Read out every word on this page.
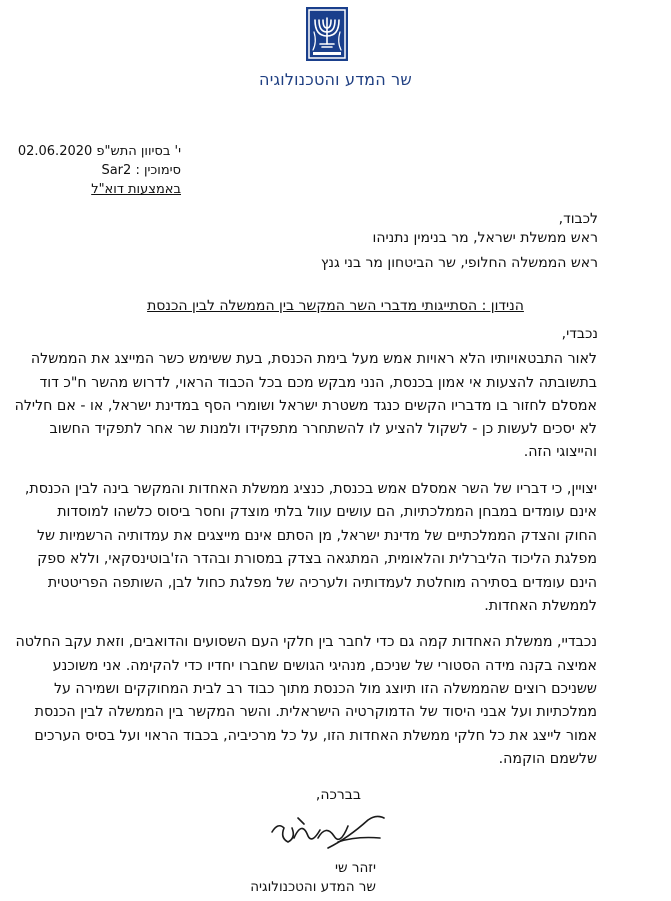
שר המדע והטכנולוגיה
י' בסיוון התש"פ 02.06.2020
סימוכין : Sar2
באמצעות דוא"ל
לכבוד,
ראש ממשלת ישראל, מר בנימין נתניהו
ראש הממשלה החלופי, שר הביטחון מר בני גנץ
הנידון : הסתייגותי מדברי השר המקשר בין הממשלה לבין הכנסת
נכבדי,
לאור התבטאויותיו הלא ראויות אמש מעל בימת הכנסת, בעת ששימש כשר המייצג את הממשלה
בתשובתה להצעות אי אמון בכנסת, הנני מבקש מכם בכל הכבוד הראוי, לדרוש מהשר ח"כ דוד
אמסלם לחזור בו מדבריו הקשים כנגד משטרת ישראל ושומרי הסף במדינת ישראל, או - אם חלילה
לא יסכים לעשות כן - לשקול להציע לו להשתחרר מתפקידו ולמנות שר אחר לתפקיד החשוב
והייצוגי הזה.
יצויין, כי דבריו של השר אמסלם אמש בכנסת, כנציג ממשלת האחדות והמקשר בינה לבין הכנסת,
אינם עומדים במבחן הממלכתיות, הם עושים עוול בלתי מוצדק וחסר ביסוס כלשהו למוסדות
החוק והצדק הממלכתיים של מדינת ישראל, מן הסתם אינם מייצגים את עמדותיה הרשמיות של
מפלגת הליכוד הליברלית והלאומית, המתגאה בצדק במסורת ובהדר הז'בוטינסקאי, וללא ספק
הינם עומדים בסתירה מוחלטת לעמדותיה ולערכיה של מפלגת כחול לבן, השותפה הפריטטית
לממשלת האחדות.
נכבדיי, ממשלת האחדות קמה גם כדי לחבר בין חלקי העם השסועים והדואבים, וזאת עקב החלטה
אמיצה בקנה מידה הסטורי של שניכם, מנהיגי הגושים שחברו יחדיו כדי להקימה. אני משוכנע
ששניכם רוצים שהממשלה הזו תיוצג מול הכנסת מתוך כבוד רב לבית המחוקקים ושמירה על
ממלכתיות ועל אבני היסוד של הדמוקרטיה הישראלית. והשר המקשר בין הממשלה לבין הכנסת
אמור לייצג את כל חלקי ממשלת האחדות הזו, על כל מרכיביה, בכבוד הראוי ועל בסיס הערכים
שלשמם הוקמה.
בברכה,
יזהר שי
שר המדע והטכנולוגיה
